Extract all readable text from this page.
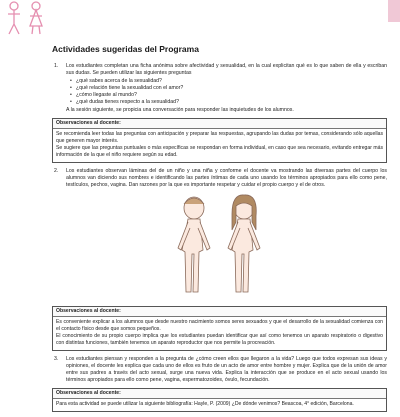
Actividades sugeridas del Programa
1.	Los estudiantes completan una ficha anónima sobre afectividad y sexualidad, en la cual explicitan qué es lo que saben de ella y escriban sus dudas. Se pueden utilizar las siguientes preguntas
• ¿qué sabes acerca de la sexualidad?
• ¿qué relación tiene la sexualidad con el amor?
• ¿cómo llegaste al mundo?
• ¿qué dudas tienes respecto a la sexualidad?
A la sesión siguiente, se propicia una conversación para responder las inquietudes de los alumnos.
Observaciones al docente:

Se recomienda leer todas las preguntas con anticipación y preparar las respuestas, agrupando las dudas por temas, considerando sólo aquellas que generen mayor interés.

Se sugiere que las preguntas puntuales o más específicas se respondan en forma individual, en caso que sea necesario, evitando entregar más información de la que el niño requiere según su edad.

2.	Los estudiantes observan láminas del de un niño y una niña y conforme el docente va mostrando las diversas partes del cuerpo los alumnos van diciendo sus nombres e identificando las partes íntimas de cada uno usando los términos apropiados para ello como pene, testículos, pechos, vagina. Dan razones por la que es importante respetar y cuidar el propio cuerpo y el de otros.
Observaciones al docente:

Es conveniente explicar a los alumnos que desde nuestro nacimiento somos seres sexuados y que el desarrollo de la sexualidad comienza con el contacto físico desde que somos pequeños.

El conocimiento de su propio cuerpo implica que los estudiantes puedan identificar que así como tenemos un aparato respiratorio o digestivo con distintas funciones, también tenemos un aparato reproductor que nos permite la procreación.

3.	Los estudiantes piensan y responden a la pregunta de ¿cómo creen ellos que llegaron a la vida? Luego que todos expresan sus ideas y opiniones, el docente les explica que cada uno de ellos es fruto de un acto de amor entre hombre y mujer. Explica que de la unión de amor entre sus padres a través del acto sexual, surge una nueva vida. Explica la interacción que se produce en el acto sexual usando los términos apropiados para ello como pene, vagina, espermatozoides, óvulo, fecundación.
Observaciones al docente:
Para esta actividad se puede utilizar la siguiente bibliografía: Hayle, P. (2009) ¿De dónde venimos? Beascoa, 4° edición, Barcelona.
